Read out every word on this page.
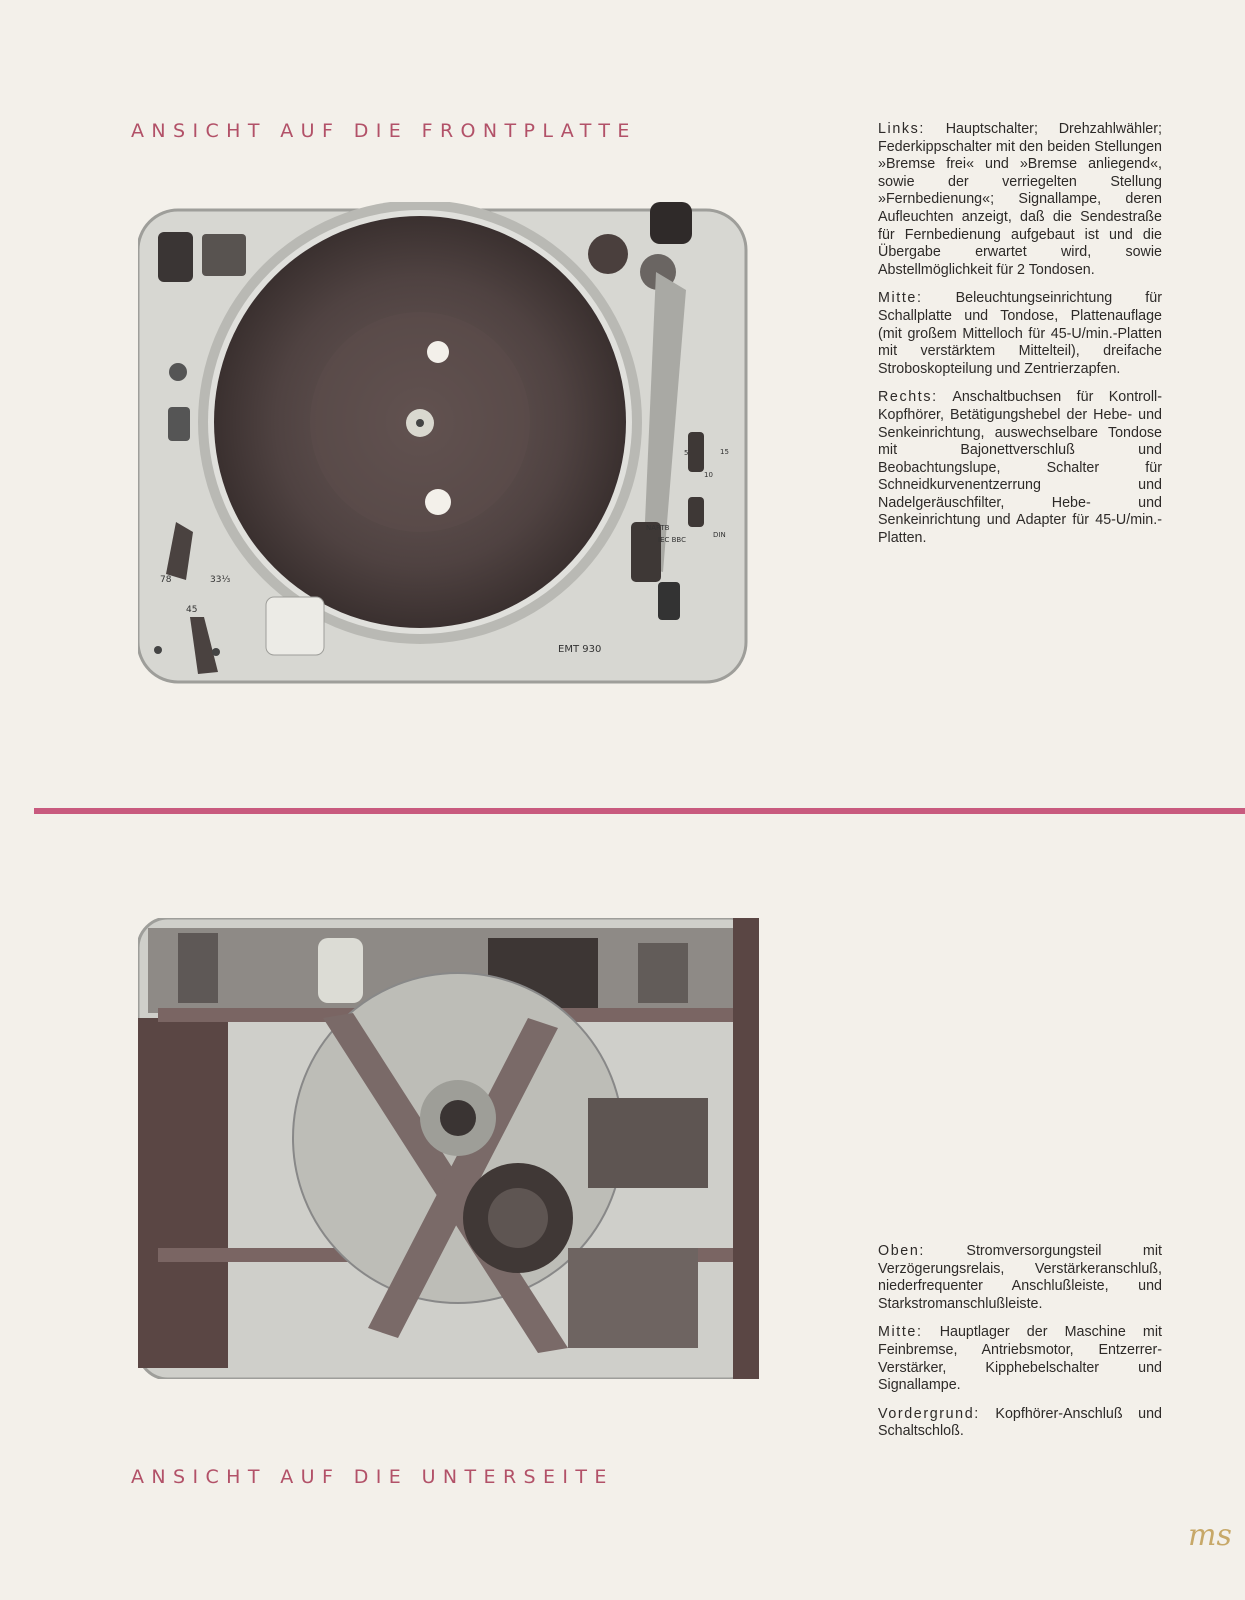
ANSICHT AUF DIE FRONTPLATTE
78
45
33⅓
EMT 930
NARTB
IEC BBC
DIN
15
10
5

Links: Hauptschalter; Drehzahlwähler; Federkippschalter mit den beiden Stellungen »Bremse frei« und »Bremse anliegend«, sowie der verriegelten Stellung »Fernbedienung«; Signallampe, deren Aufleuchten anzeigt, daß die Sendestraße für Fernbedienung aufgebaut ist und die Übergabe erwartet wird, sowie Abstellmöglichkeit für 2 Tondosen.

Mitte: Beleuchtungseinrichtung für Schallplatte und Tondose, Plattenauflage (mit großem Mittelloch für 45-U/min.-Platten mit verstärktem Mittelteil), dreifache Stroboskopteilung und Zentrierzapfen.

Rechts: Anschaltbuchsen für Kontroll-Kopfhörer, Betätigungshebel der Hebe- und Senkeinrichtung, auswechselbare Tondose mit Bajonettverschluß und Beobachtungslupe, Schalter für Schneidkurvenentzerrung und Nadelgeräuschfilter, Hebe- und Senkeinrichtung und Adapter für 45-U/min.-Platten.

Oben: Stromversorgungsteil mit Verzögerungsrelais, Verstärkeranschluß, niederfrequenter Anschlußleiste, und Starkstromanschlußleiste.

Mitte: Hauptlager der Maschine mit Feinbremse, Antriebsmotor, Entzerrer-Verstärker, Kipphebelschalter und Signallampe.

Vordergrund: Kopfhörer-Anschluß und Schaltschloß.

ANSICHT AUF DIE UNTERSEITE
ms
